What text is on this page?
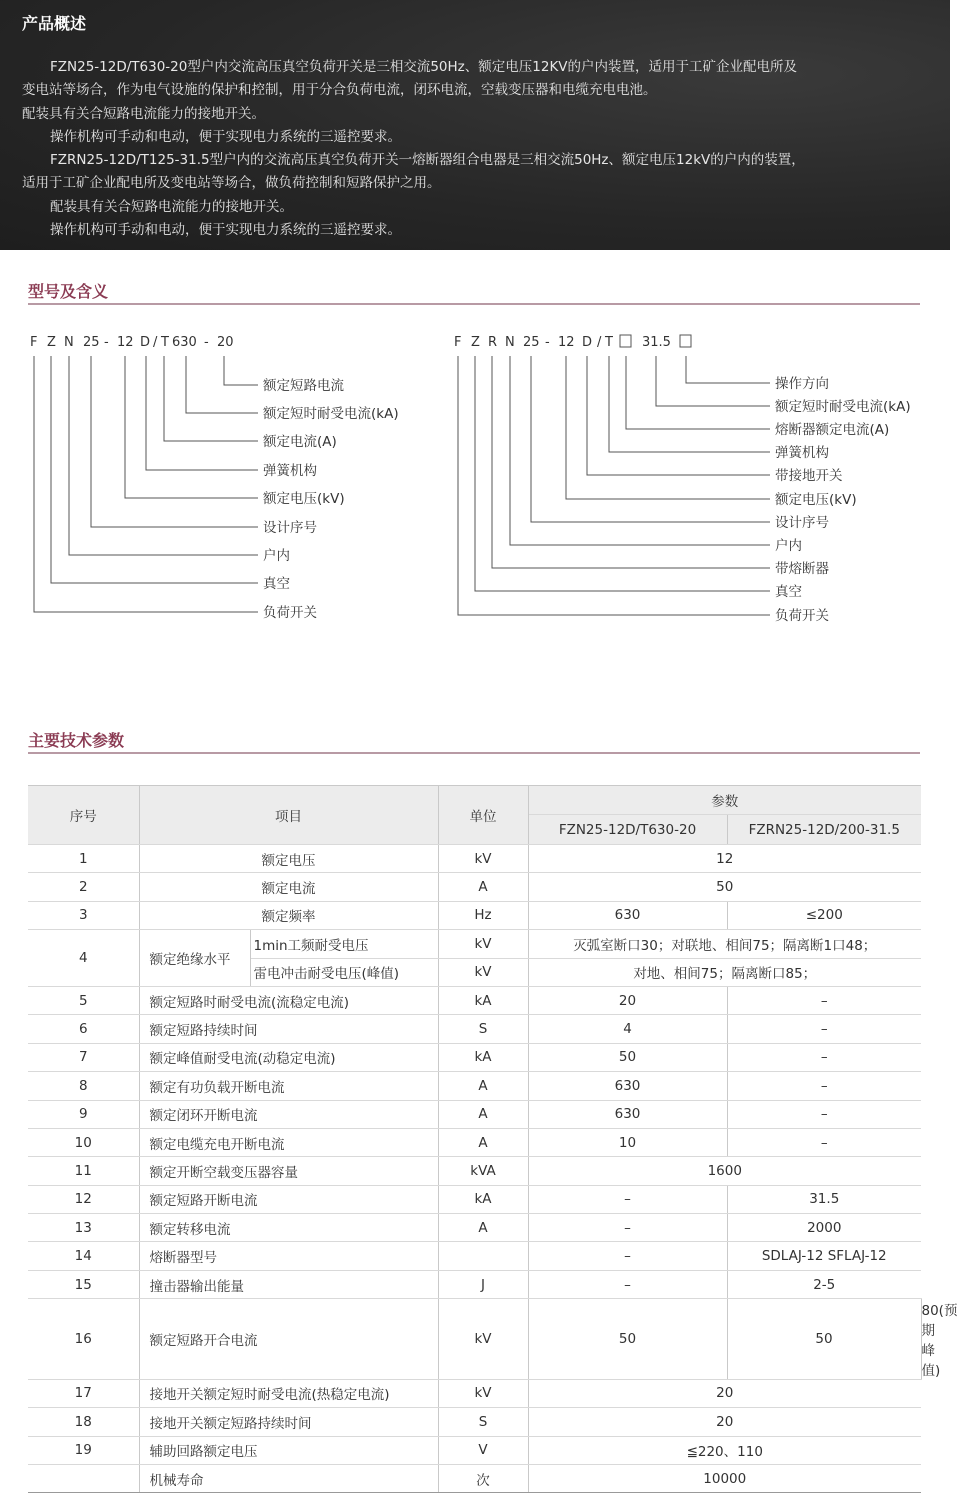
产品概述
FZN25-12D/T630-20型户内交流高压真空负荷开关是三相交流50Hz、额定电压12KV的户内装置，适用于工矿企业配电所及
变电站等场合，作为电气设施的保护和控制，用于分合负荷电流，闭环电流，空载变压器和电缆充电电池。
配装具有关合短路电流能力的接地开关。
操作机构可手动和电动，便于实现电力系统的三遥控要求。
FZRN25-12D/T125-31.5型户内的交流高压真空负荷开关一熔断器组合电器是三相交流50Hz、额定电压12kV的户内的装置，
适用于工矿企业配电所及变电站等场合，做负荷控制和短路保护之用。
配装具有关合短路电流能力的接地开关。
操作机构可手动和电动，便于实现电力系统的三遥控要求。
型号及含义
F Z N 25 - 12 D / T 630 - 20
额定短路电流
额定短时耐受电流(kA)
额定电流(A)
弹簧机构
额定电压(kV)
设计序号
户内
真空
负荷开关
F Z R N 25 - 12 D / T 31.5
操作方向
额定短时耐受电流(kA)
熔断器额定电流(A)
弹簧机构
带接地开关
额定电压(kV)
设计序号
户内
带熔断器
真空
负荷开关
主要技术参数
序号	项目		单位	参数		
				FZN25-12D/T630-20	FZRN25-12D/200-31.5	
1	额定电压		kV	12		
2	额定电流		A	50		
3	额定频率		Hz	630	≤200	
4	额定绝缘水平	1min工频耐受电压	kV	灭弧室断口30；对联地、相间75；隔离断1口48；		
		雷电冲击耐受电压(峰值)	kV	对地、相间75；隔离断口85；		
5	额定短路时耐受电流(流稳定电流)		kA	20	–	
6	额定短路持续时间		S	4	–	
7	额定峰值耐受电流(动稳定电流)		kA	50	–	
8	额定有功负载开断电流		A	630	–	
9	额定闭环开断电流		A	630	–	
10	额定电缆充电开断电流		A	10	–	
11	额定开断空载变压器容量		kVA	1600		
12	额定短路开断电流		kA	–	31.5	
13	额定转移电流		A	–	2000	
14	熔断器型号			–	SDLAJ-12 SFLAJ-12	
15	撞击器输出能量		J	–	2-5	
16	额定短路开合电流		kV	50	50	80(预期峰值)
17	接地开关额定短时耐受电流(热稳定电流)		kV	20		
18	接地开关额定短路持续时间		S	20		
19	辅助回路额定电压		V	≦220、110		
	机械寿命		次	10000		
